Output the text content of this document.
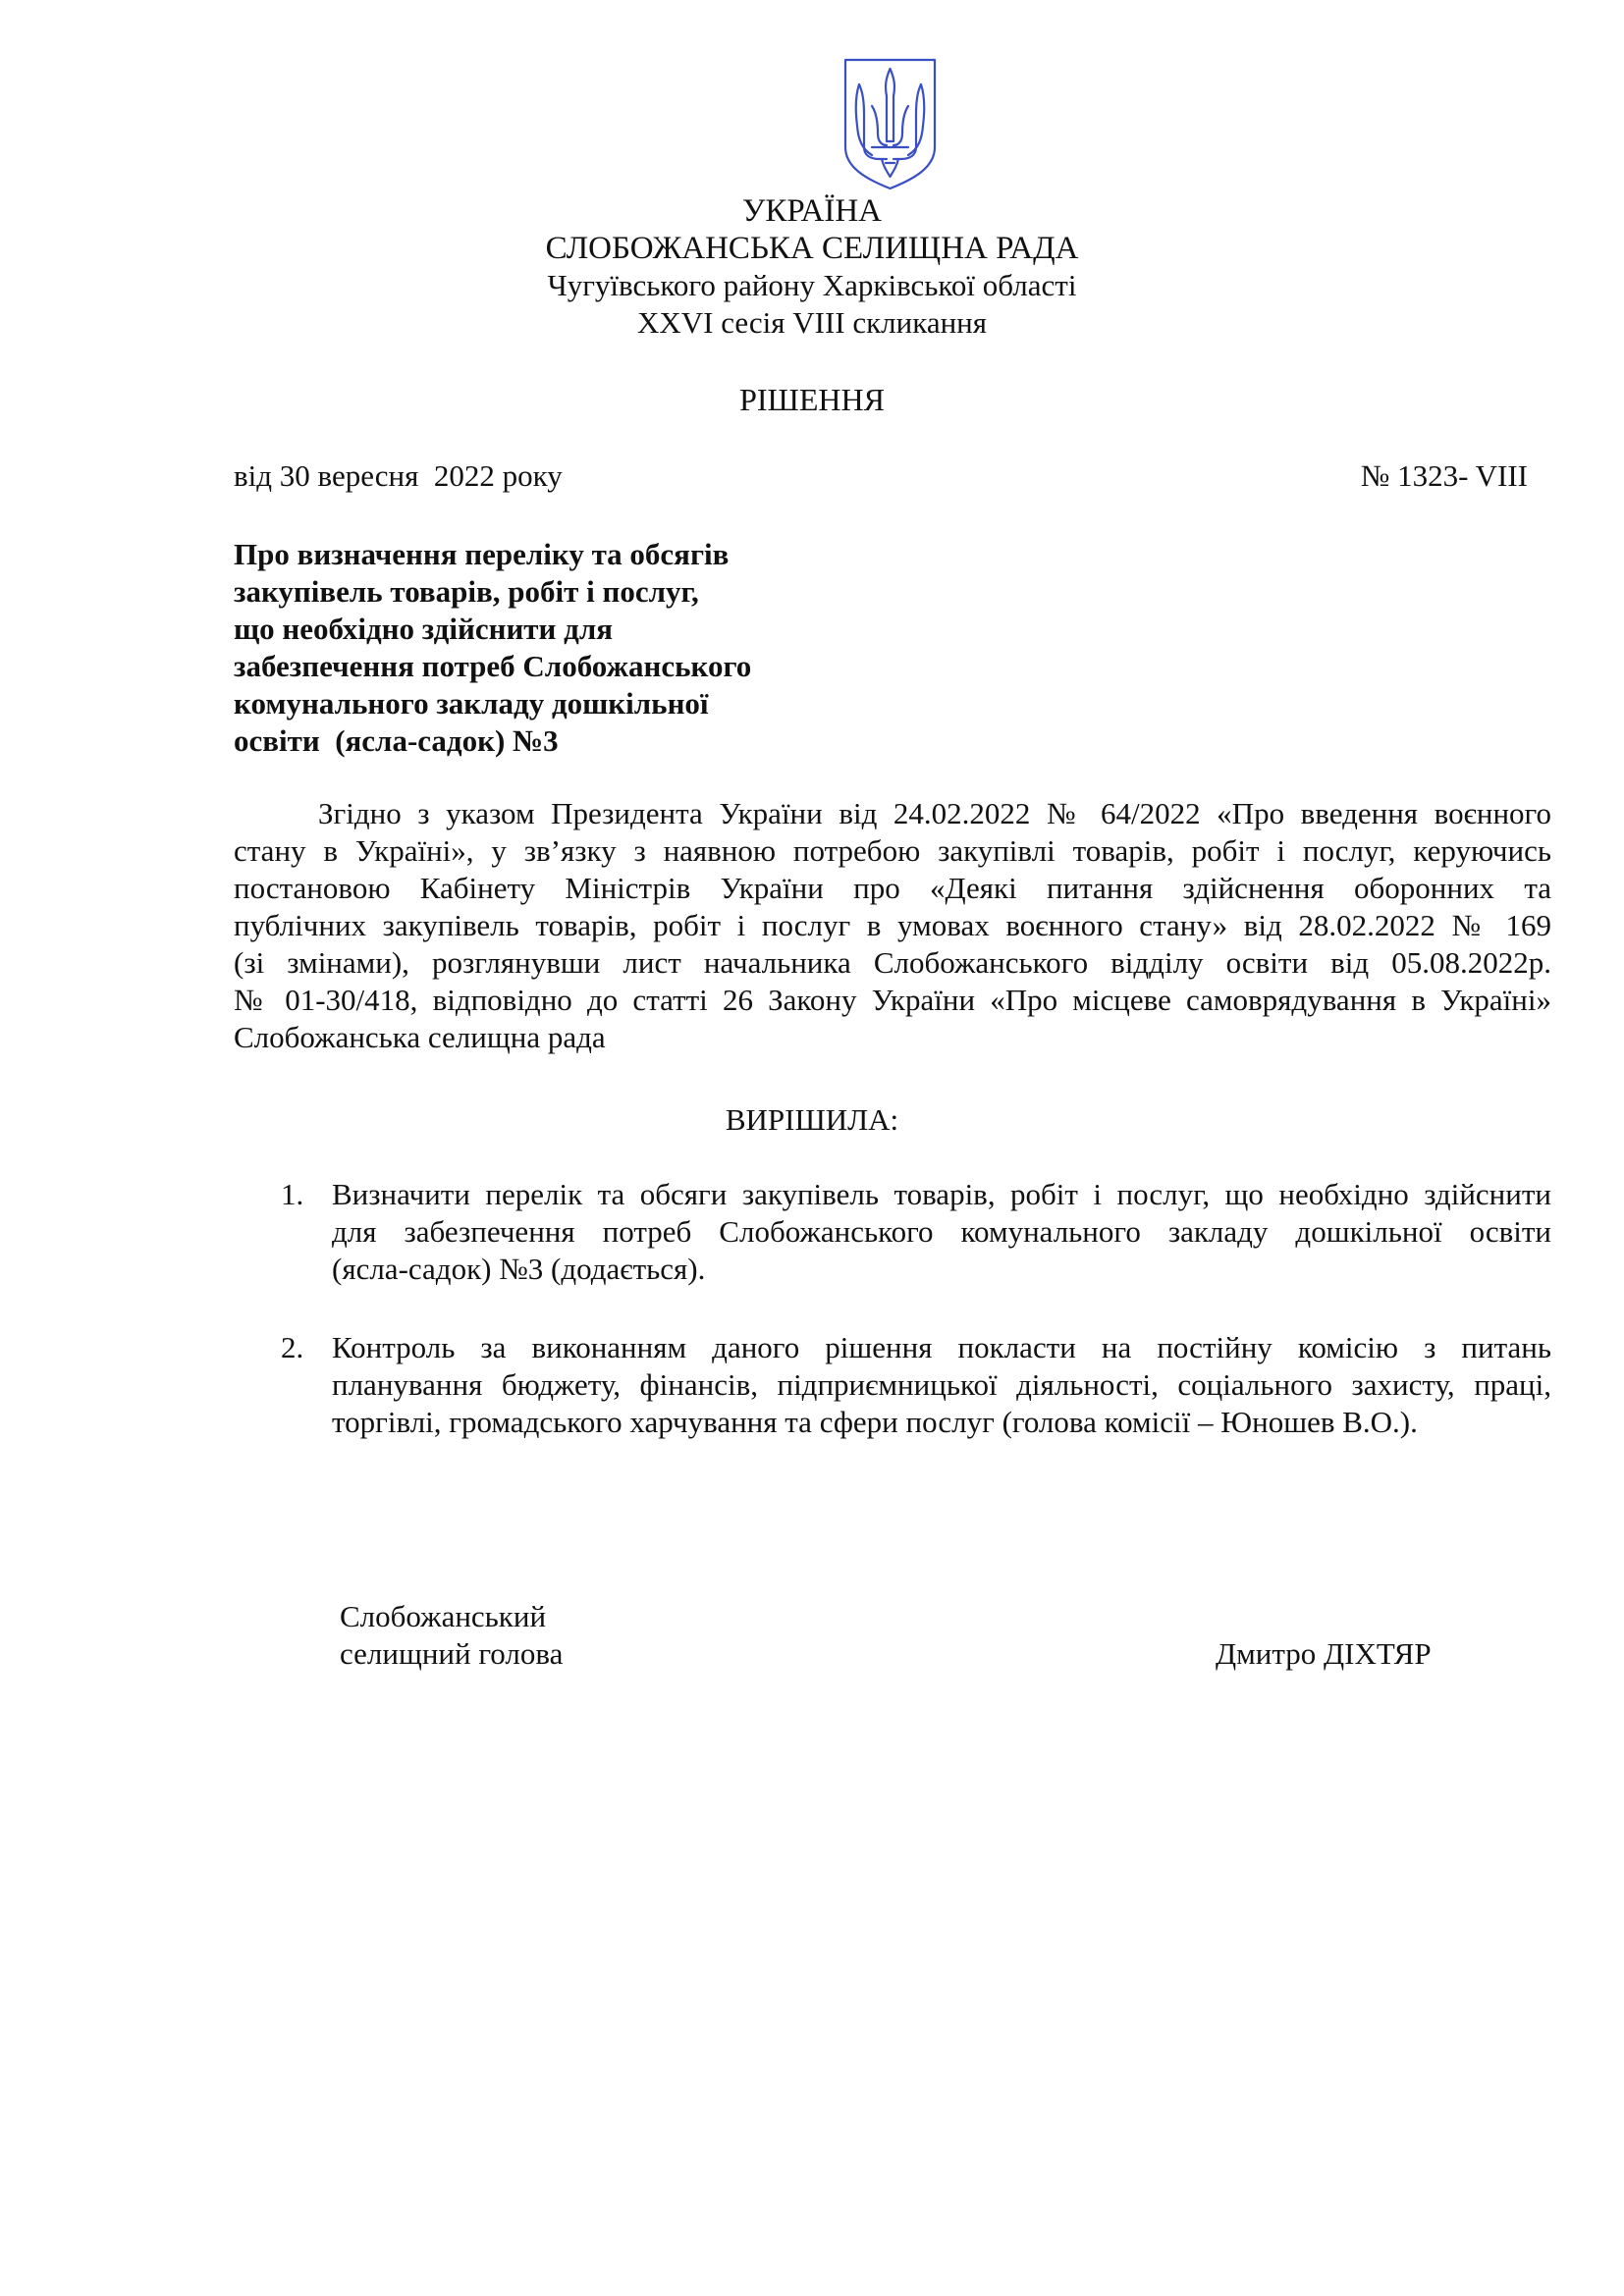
УКРАЇНА
СЛОБОЖАНСЬКА СЕЛИЩНА РАДА
Чугуївського району Харківської області
XXVI сесія VIII скликання
РІШЕННЯ
від 30 вересня  2022 року	№ 1323- VIII
Про визначення переліку та обсягів
закупівель товарів, робіт і послуг,
що необхідно здійснити для
забезпечення потреб Слобожанського
комунального закладу дошкільної
освіти  (ясла-садок) №3
Згідно з указом Президента України від 24.02.2022 № 64/2022 «Про введення воєнного
стану в Україні», у зв’язку з наявною потребою закупівлі товарів, робіт і послуг, керуючись
постановою Кабінету Міністрів України про «Деякі питання здійснення оборонних та
публічних закупівель товарів, робіт і послуг в умовах воєнного стану» від 28.02.2022 № 169
(зі змінами), розглянувши лист начальника Слобожанського відділу освіти від 05.08.2022р.
№ 01-30/418, відповідно до статті 26 Закону України «Про місцеве самоврядування в Україні»
Слобожанська селищна рада
ВИРІШИЛА:
1. Визначити перелік та обсяги закупівель товарів, робіт і послуг, що необхідно здійснити
для забезпечення потреб Слобожанського комунального закладу дошкільної освіти
(ясла-садок) №3 (додається).
2. Контроль за виконанням даного рішення покласти на постійну комісію з питань
планування бюджету, фінансів, підприємницької діяльності, соціального захисту, праці,
торгівлі, громадського харчування та сфери послуг (голова комісії – Юношев В.О.).
Слобожанський
селищний голова	Дмитро ДІХТЯР
